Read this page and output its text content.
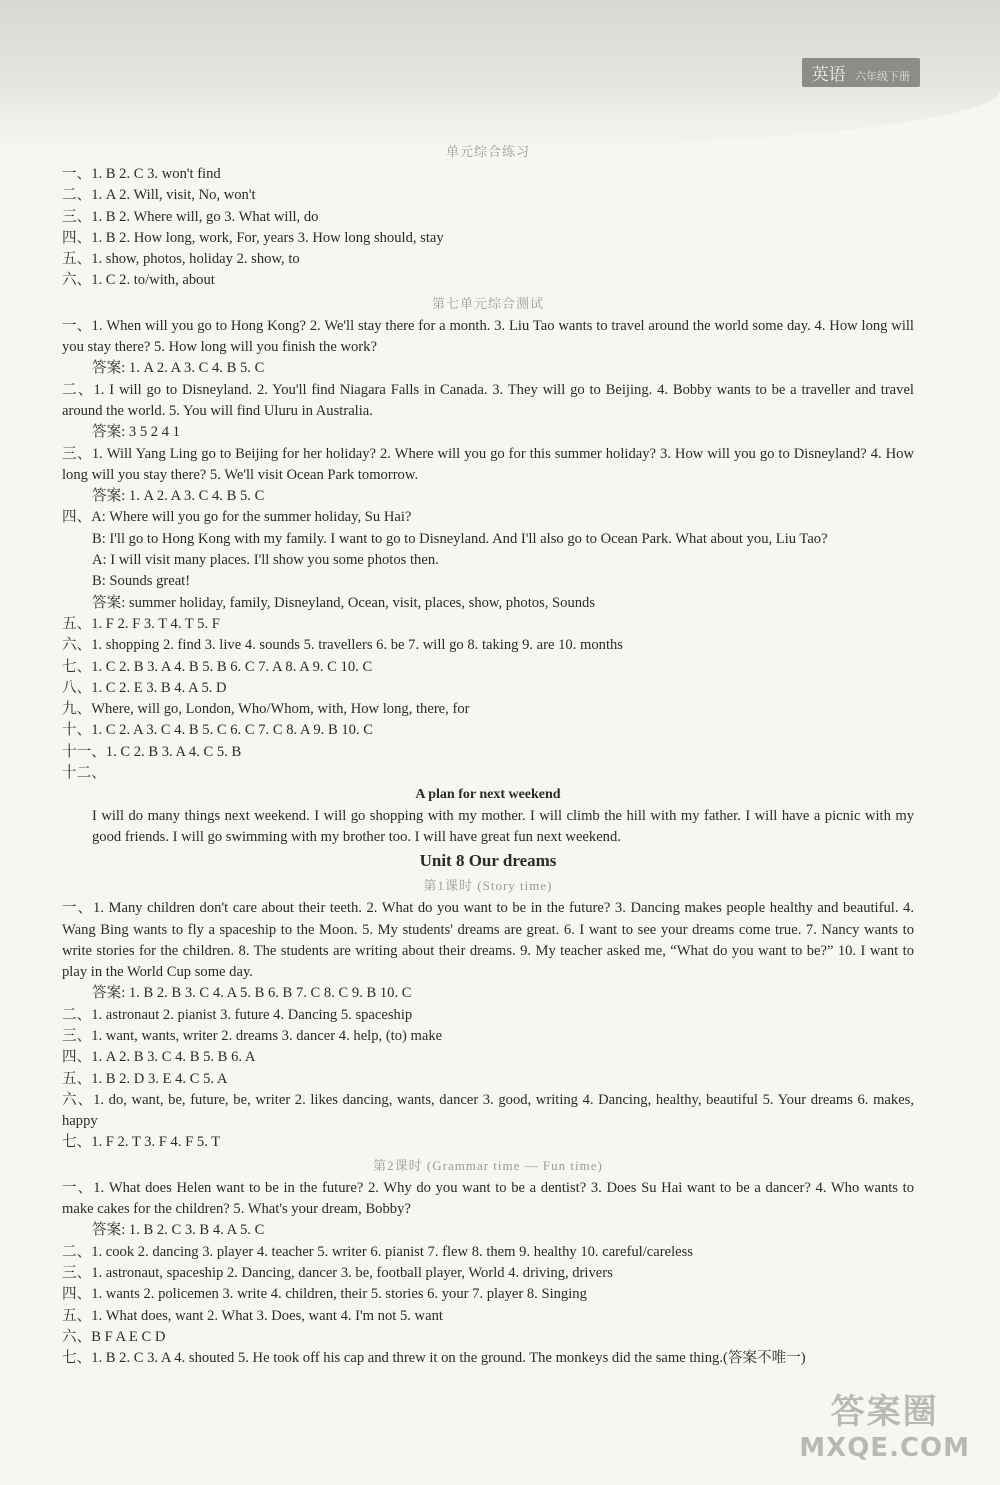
英语 六年级下册
单元综合练习
一、1. B 2. C 3. won't find
二、1. A 2. Will, visit, No, won't
三、1. B 2. Where will, go 3. What will, do
四、1. B 2. How long, work, For, years 3. How long should, stay
五、1. show, photos, holiday 2. show, to
六、1. C 2. to/with, about
第七单元综合测试
一、1. When will you go to Hong Kong? 2. We'll stay there for a month. 3. Liu Tao wants to travel around the world some day. 4. How long will you stay there? 5. How long will you finish the work?
答案: 1. A 2. A 3. C 4. B 5. C
二、1. I will go to Disneyland. 2. You'll find Niagara Falls in Canada. 3. They will go to Beijing. 4. Bobby wants to be a traveller and travel around the world. 5. You will find Uluru in Australia.
答案: 3 5 2 4 1
三、1. Will Yang Ling go to Beijing for her holiday? 2. Where will you go for this summer holiday? 3. How will you go to Disneyland? 4. How long will you stay there? 5. We'll visit Ocean Park tomorrow.
答案: 1. A 2. A 3. C 4. B 5. C
四、A: Where will you go for the summer holiday, Su Hai?
B: I'll go to Hong Kong with my family. I want to go to Disneyland. And I'll also go to Ocean Park. What about you, Liu Tao?
A: I will visit many places. I'll show you some photos then.
B: Sounds great!
答案: summer holiday, family, Disneyland, Ocean, visit, places, show, photos, Sounds
五、1. F 2. F 3. T 4. T 5. F
六、1. shopping 2. find 3. live 4. sounds 5. travellers 6. be 7. will go 8. taking 9. are 10. months
七、1. C 2. B 3. A 4. B 5. B 6. C 7. A 8. A 9. C 10. C
八、1. C 2. E 3. B 4. A 5. D
九、Where, will go, London, Who/Whom, with, How long, there, for
十、1. C 2. A 3. C 4. B 5. C 6. C 7. C 8. A 9. B 10. C
十一、1. C 2. B 3. A 4. C 5. B
十二、
A plan for next weekend
I will do many things next weekend. I will go shopping with my mother. I will climb the hill with my father. I will have a picnic with my good friends. I will go swimming with my brother too. I will have great fun next weekend.
Unit 8 Our dreams
第1课时 (Story time)
一、1. Many children don't care about their teeth. 2. What do you want to be in the future? 3. Dancing makes people healthy and beautiful. 4. Wang Bing wants to fly a spaceship to the Moon. 5. My students' dreams are great. 6. I want to see your dreams come true. 7. Nancy wants to write stories for the children. 8. The students are writing about their dreams. 9. My teacher asked me, “What do you want to be?” 10. I want to play in the World Cup some day.
答案: 1. B 2. B 3. C 4. A 5. B 6. B 7. C 8. C 9. B 10. C
二、1. astronaut 2. pianist 3. future 4. Dancing 5. spaceship
三、1. want, wants, writer 2. dreams 3. dancer 4. help, (to) make
四、1. A 2. B 3. C 4. B 5. B 6. A
五、1. B 2. D 3. E 4. C 5. A
六、1. do, want, be, future, be, writer 2. likes dancing, wants, dancer 3. good, writing 4. Dancing, healthy, beautiful 5. Your dreams 6. makes, happy
七、1. F 2. T 3. F 4. F 5. T
第2课时 (Grammar time — Fun time)
一、1. What does Helen want to be in the future? 2. Why do you want to be a dentist? 3. Does Su Hai want to be a dancer? 4. Who wants to make cakes for the children? 5. What's your dream, Bobby?
答案: 1. B 2. C 3. B 4. A 5. C
二、1. cook 2. dancing 3. player 4. teacher 5. writer 6. pianist 7. flew 8. them 9. healthy 10. careful/careless
三、1. astronaut, spaceship 2. Dancing, dancer 3. be, football player, World 4. driving, drivers
四、1. wants 2. policemen 3. write 4. children, their 5. stories 6. your 7. player 8. Singing
五、1. What does, want 2. What 3. Does, want 4. I'm not 5. want
六、B F A E C D
七、1. B 2. C 3. A 4. shouted 5. He took off his cap and threw it on the ground. The monkeys did the same thing.(答案不唯一)
答案圈
MXQE.COM
